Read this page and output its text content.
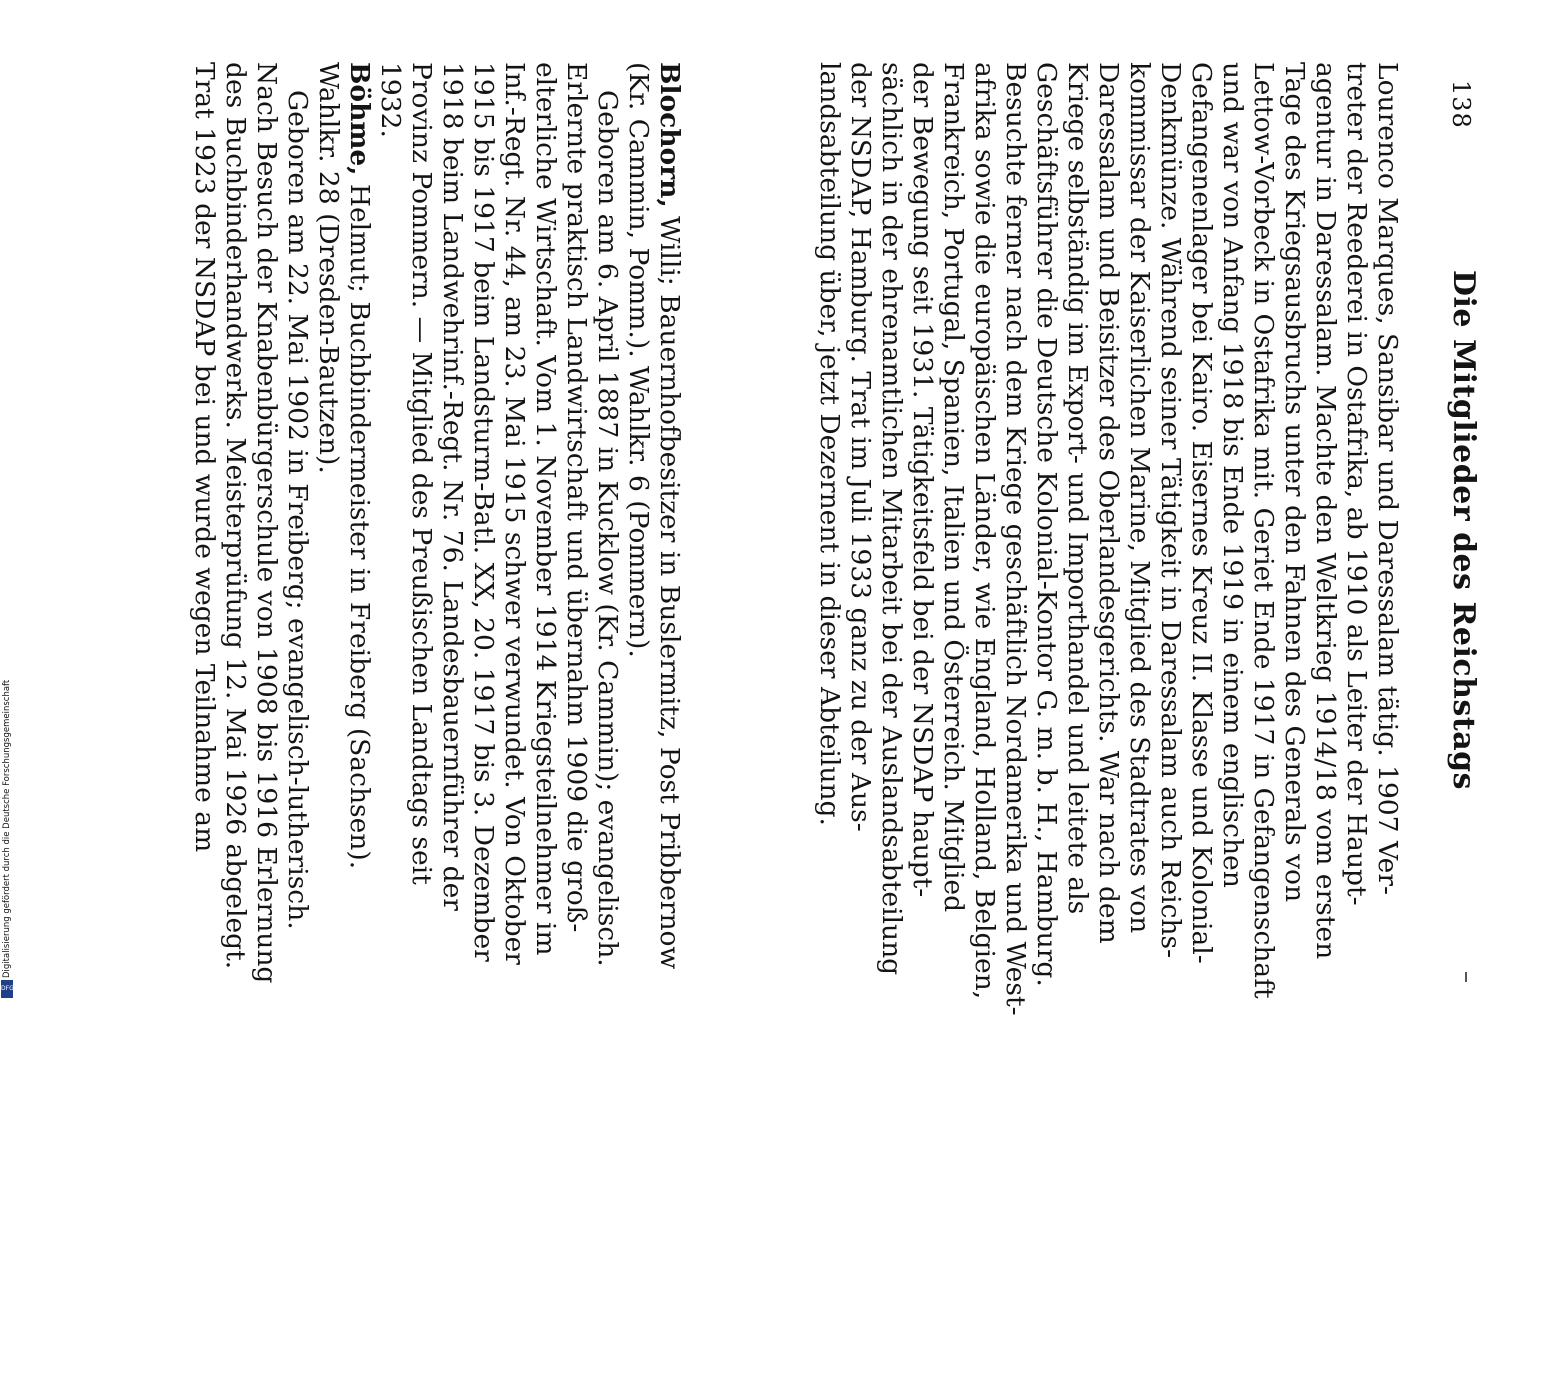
138
Die Mitglieder des Reichstags

Lourenco Marques, Sansibar und Daressalam tätig. 1907 Ver-

treter der Reederei in Ostafrika, ab 1910 als Leiter der Haupt-

agentur in Daressalam. Machte den Weltkrieg 1914/18 vom ersten

Tage des Kriegsausbruchs unter den Fahnen des Generals von

Lettow-Vorbeck in Ostafrika mit. Geriet Ende 1917 in Gefangenschaft

und war von Anfang 1918 bis Ende 1919 in einem englischen

Gefangenenlager bei Kairo. Eisernes Kreuz II. Klasse und Kolonial-

Denkmünze. Während seiner Tätigkeit in Daressalam auch Reichs-

kommissar der Kaiserlichen Marine, Mitglied des Stadtrates von

Daressalam und Beisitzer des Oberlandesgerichts. War nach dem

Kriege selbständig im Export- und Importhandel und leitete als

Geschäftsführer die Deutsche Kolonial-Kontor G. m. b. H., Hamburg.

Besuchte ferner nach dem Kriege geschäftlich Nordamerika und West-

afrika sowie die europäischen Länder, wie England, Holland, Belgien,

Frankreich, Portugal, Spanien, Italien und Österreich. Mitglied

der Bewegung seit 1931. Tätigkeitsfeld bei der NSDAP haupt-

sächlich in der ehrenamtlichen Mitarbeit bei der Auslandsabteilung

der NSDAP, Hamburg. Trat im Juli 1933 ganz zu der Aus-

landsabteilung über, jetzt Dezernent in dieser Abteilung.

Blochorn, Willi; Bauernhofbesitzer in Buslermitz, Post Pribbernow

(Kr. Cammin, Pomm.). Wahlkr. 6 (Pommern).

Geboren am 6. April 1887 in Kucklow (Kr. Cammin); evangelisch.

Erlernte praktisch Landwirtschaft und übernahm 1909 die groß-

elterliche Wirtschaft. Vom 1. November 1914 Kriegsteilnehmer im

Inf.-Regt. Nr. 44, am 23. Mai 1915 schwer verwundet. Von Oktober

1915 bis 1917 beim Landsturm-Batl. XX, 20. 1917 bis 3. Dezember

1918 beim Landwehrinf.-Regt. Nr. 76. Landesbauernführer der

Provinz Pommern. — Mitglied des Preußischen Landtags seit

1932.

Böhme, Helmut; Buchbindermeister in Freiberg (Sachsen).

Wahlkr. 28 (Dresden-Bautzen).

Geboren am 22. Mai 1902 in Freiberg; evangelisch-lutherisch.

Nach Besuch der Knabenbürgerschule von 1908 bis 1916 Erlernung

des Buchbinderhandwerks. Meisterprüfung 12. Mai 1926 abgelegt.

Trat 1923 der NSDAP bei und wurde wegen Teilnahme am

Digitalisierung gefördert durch die Deutsche Forschungsgemeinschaft
DFG
